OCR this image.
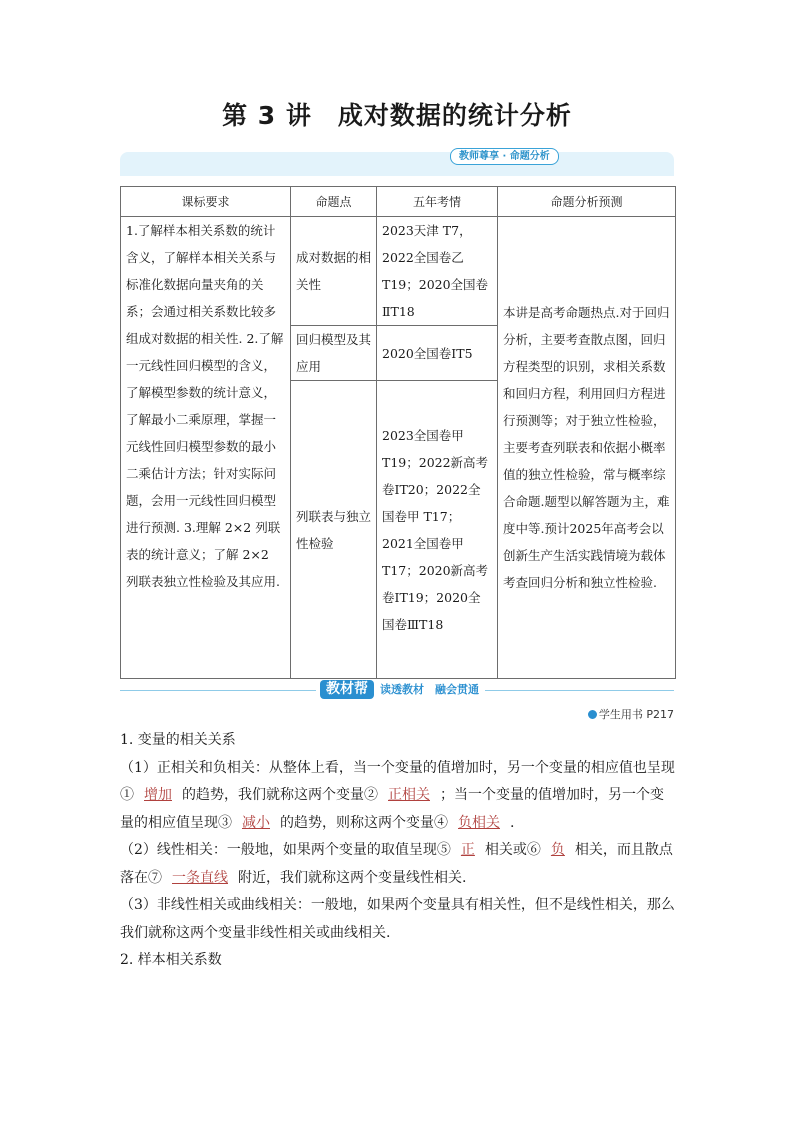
第 3 讲　成对数据的统计分析
教师尊享 · 命题分析
课标要求	命题点	五年考情	命题分析预测
1.了解样本相关系数的统计含义，了解样本相关关系与标准化数据向量夹角的关系；会通过相关系数比较多组成对数据的相关性. 2.了解一元线性回归模型的含义，了解模型参数的统计意义，了解最小二乘原理，掌握一元线性回归模型参数的最小二乘估计方法；针对实际问题，会用一元线性回归模型进行预测. 3.理解 2×2 列联表的统计意义；了解 2×2 列联表独立性检验及其应用.	成对数据的相关性	2023天津 T7，2022全国卷乙 T19；2020全国卷ⅡT18	本讲是高考命题热点.对于回归分析，主要考查散点图，回归方程类型的识别，求相关系数和回归方程，利用回归方程进行预测等；对于独立性检验，主要考查列联表和依据小概率值的独立性检验，常与概率综合命题.题型以解答题为主，难度中等.预计2025年高考会以创新生产生活实践情境为载体考查回归分析和独立性检验.
	回归模型及其应用	2020全国卷ⅠT5	
	列联表与独立性检验	2023全国卷甲 T19；2022新高考卷ⅠT20；2022全国卷甲 T17；2021全国卷甲 T17；2020新高考卷ⅠT19；2020全国卷ⅢT18	
教材帮	读透教材　融会贯通
学生用书 P217

1. 变量的相关关系

（1）正相关和负相关：从整体上看，当一个变量的值增加时，另一个变量的相应值也呈现① 增加 的趋势，我们就称这两个变量② 正相关 ；当一个变量的值增加时，另一个变量的相应值呈现③ 减小 的趋势，则称这两个变量④ 负相关 .

（2）线性相关：一般地，如果两个变量的取值呈现⑤ 正 相关或⑥ 负 相关，而且散点落在⑦ 一条直线 附近，我们就称这两个变量线性相关.

（3）非线性相关或曲线相关：一般地，如果两个变量具有相关性，但不是线性相关，那么我们就称这两个变量非线性相关或曲线相关.

2. 样本相关系数
